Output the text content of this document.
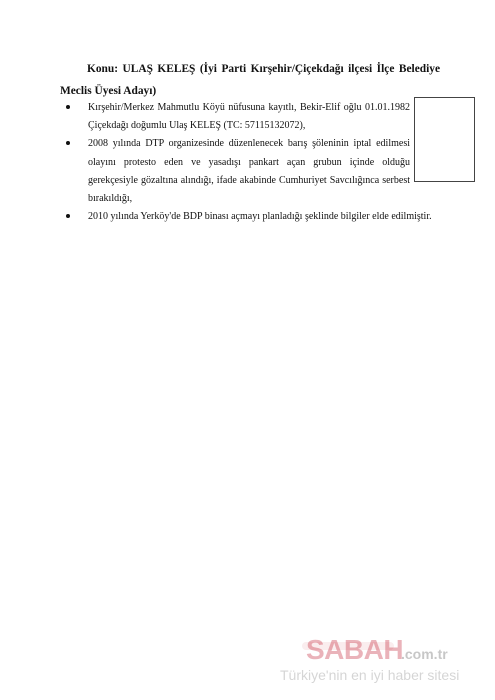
Konu: ULAŞ KELEŞ (İyi Parti Kırşehir/Çiçekdağı ilçesi İlçe Belediye
Meclis Üyesi Adayı)
Kırşehir/Merkez Mahmutlu Köyü nüfusuna kayıtlı, Bekir-Elif oğlu 01.01.1982
Çiçekdağı doğumlu Ulaş KELEŞ (TC: 57115132072),
2008 yılında DTP organizesinde düzenlenecek barış şöleninin iptal edilmesi
olayını protesto eden ve yasadışı pankart açan grubun içinde olduğu
gerekçesiyle gözaltına alındığı, ifade akabinde Cumhuriyet Savcılığınca serbest
bırakıldığı,
2010 yılında Yerköy'de BDP binası açmayı planladığı şeklinde bilgiler elde edilmiştir.
SABAH
.com.tr
Türkiye'nin en iyi haber sitesi
